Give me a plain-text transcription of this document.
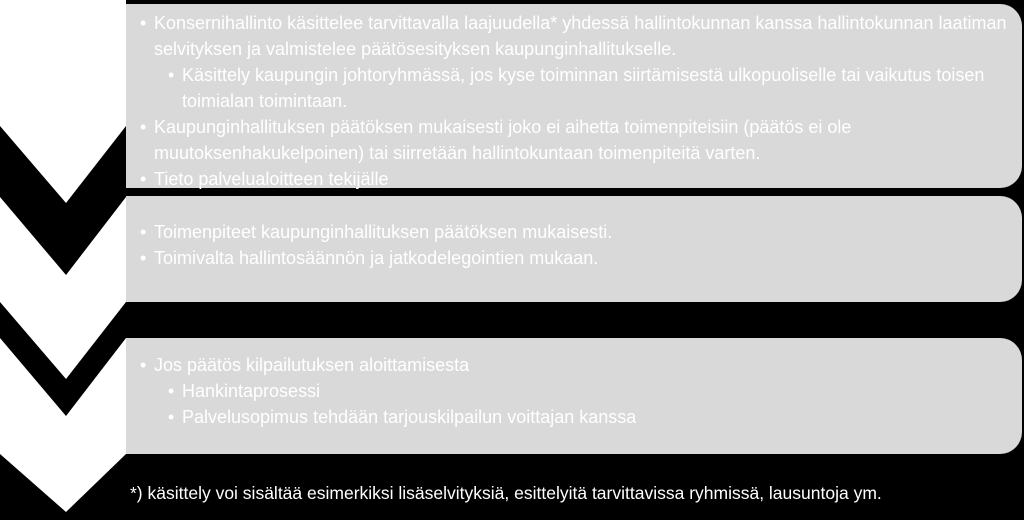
• Konsernihallinto käsittelee tarvittavalla laajuudella* yhdessä hallintokunnan kanssa hallintokunnan laatiman selvityksen ja valmistelee päätösesityksen kaupunginhallitukselle.
• Käsittely kaupungin johtoryhmässä, jos kyse toiminnan siirtämisestä ulkopuoliselle tai vaikutus toisen toimialan toimintaan.
• Kaupunginhallituksen päätöksen mukaisesti joko ei aihetta toimenpiteisiin (päätös ei ole muutoksenhakukelpoinen) tai siirretään hallintokuntaan toimenpiteitä varten.
• Tieto palvelualoitteen tekijälle
• Toimenpiteet kaupunginhallituksen päätöksen mukaisesti.
• Toimivalta hallintosäännön ja jatkodelegointien mukaan.
• Jos päätös kilpailutuksen aloittamisesta
• Hankintaprosessi
• Palvelusopimus tehdään tarjouskilpailun voittajan kanssa
*) käsittely voi sisältää esimerkiksi lisäselvityksiä, esittelyitä tarvittavissa ryhmissä, lausuntoja ym.
